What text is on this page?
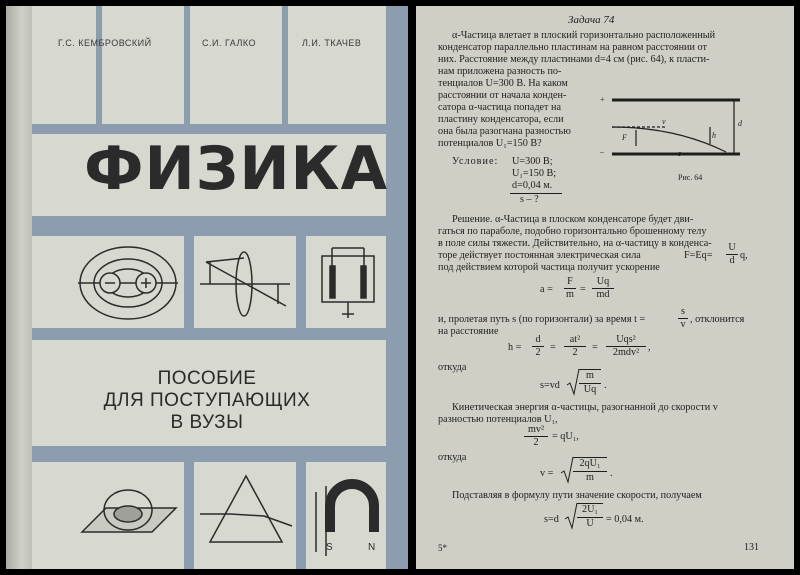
Г.С. КЕМБРОВСКИЙ	С.И. ГАЛКО	Л.И. ТКАЧЕВ
ФИЗИКА
ПОСОБИЕ
ДЛЯ ПОСТУПАЮЩИХ
В ВУЗЫ
S	N
Задача 74
α-Частица влетает в плоский горизонтально расположенный
конденсатор параллельно пластинам на равном расстоянии от
них. Расстояние между пластинами d=4 см (рис. 64), к пласти-
нам приложена разность по-
тенциалов U=300 В. На каком
расстоянии от начала конден-
сатора α-частица попадет на
пластину конденсатора, если
она была разогнана разностью
потенциалов U₁=150 В?
+
–
v
F	h
d
s
Рис. 64
Условие: U=300 В;
U₁=150 В;
d=0,04 м.
s – ?
Решение. α-Частица в плоском конденсаторе будет дви-
гаться по параболе, подобно горизонтально брошенному телу
в поле силы тяжести. Действительно, на α-частицу в конденса-
торе действует постоянная электрическая сила
под действием которой частица получит ускорение
F=Eq=
U
d q,
a =
F
m =
Uq
md
и, пролетая путь s (по горизонтали) за время t =
s
v , отклонится
на расстояние
h =
d
2 =
at²
2	=
Uqs²
2mdv² ,
откуда
s=vd
m
Uq .
Кинетическая энергия α-частицы, разогнанной до скорости v
разностью потенциалов U₁,
mv²
2
= qU₁,
откуда
v =
2qU₁
m	.
Подставляя в формулу пути значение скорости, получаем
s=d
2U₁
U	= 0,04 м.
5*	131
